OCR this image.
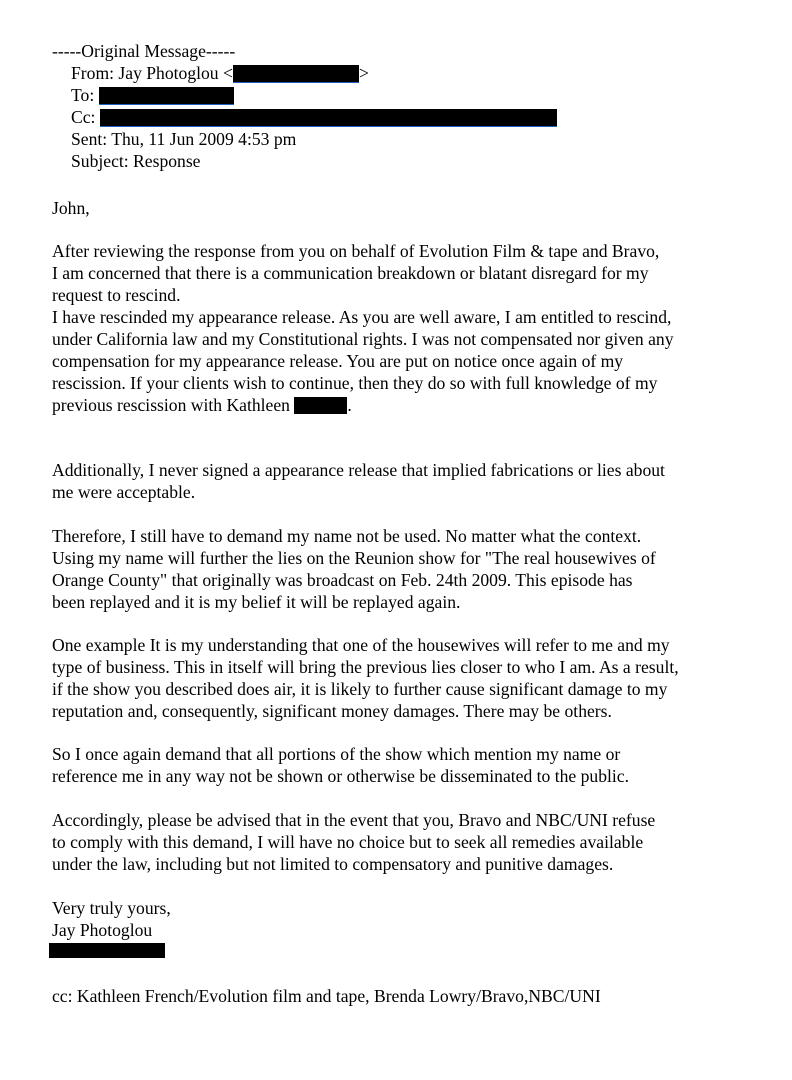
-----Original Message-----
From: Jay Photoglou <	>
To:
Cc:
Sent: Thu, 11 Jun 2009 4:53 pm
Subject: Response
John,
After reviewing the response from you on behalf of Evolution Film & tape and Bravo,
I am concerned that there is a communication breakdown or blatant disregard for my
request to rescind.
I have rescinded my appearance release. As you are well aware, I am entitled to rescind,
under California law and my Constitutional rights. I was not compensated nor given any
compensation for my appearance release. You are put on notice once again of my
rescission. If your clients wish to continue, then they do so with full knowledge of my
previous rescission with Kathleen	.
Additionally, I never signed a appearance release that implied fabrications or lies about
me were acceptable.
Therefore, I still have to demand my name not be used. No matter what the context.
Using my name will further the lies on the Reunion show for "The real housewives of
Orange County" that originally was broadcast on Feb. 24th 2009. This episode has
been replayed and it is my belief it will be replayed again.
One example It is my understanding that one of the housewives will refer to me and my
type of business. This in itself will bring the previous lies closer to who I am. As a result,
if the show you described does air, it is likely to further cause significant damage to my
reputation and, consequently, significant money damages. There may be others.
So I once again demand that all portions of the show which mention my name or
reference me in any way not be shown or otherwise be disseminated to the public.
Accordingly, please be advised that in the event that you, Bravo and NBC/UNI refuse
to comply with this demand, I will have no choice but to seek all remedies available
under the law, including but not limited to compensatory and punitive damages.
Very truly yours,
Jay Photoglou
cc: Kathleen French/Evolution film and tape, Brenda Lowry/Bravo,NBC/UNI
